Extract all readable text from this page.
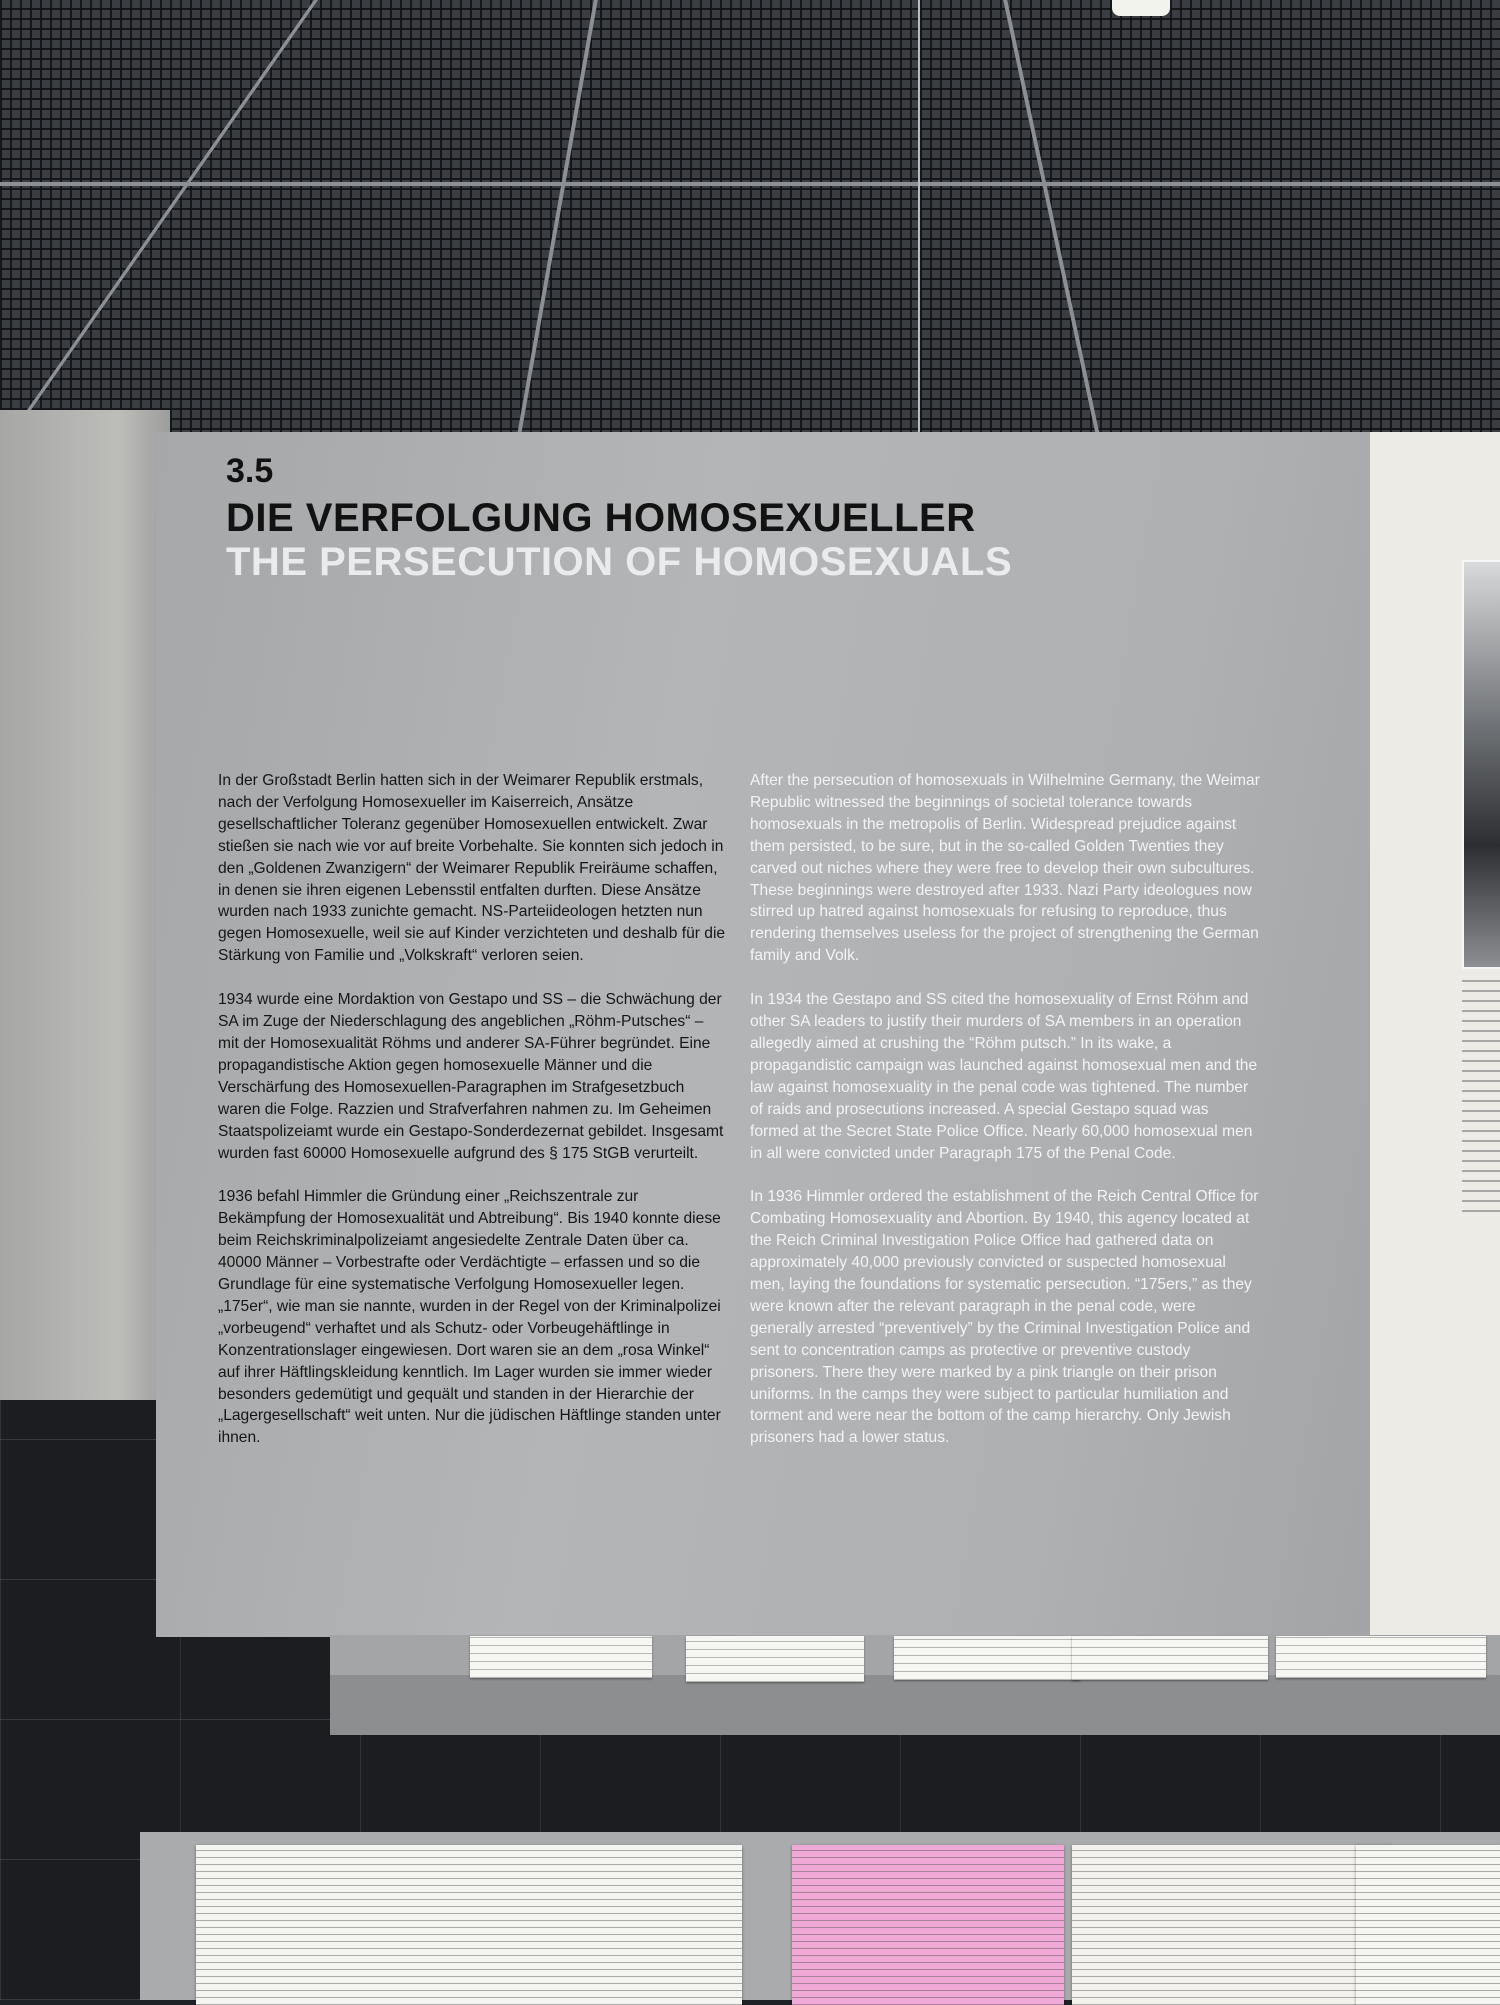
3.5
DIE VERFOLGUNG HOMOSEXUELLER
THE PERSECUTION OF HOMOSEXUALS

In der Großstadt Berlin hatten sich in der Weimarer Republik erstmals, nach der Verfolgung Homosexueller im Kaiserreich, Ansätze gesellschaftlicher Toleranz gegenüber Homosexuellen entwickelt. Zwar stießen sie nach wie vor auf breite Vorbehalte. Sie konnten sich jedoch in den „Goldenen Zwanzigern“ der Weimarer Republik Freiräume schaffen, in denen sie ihren eigenen Lebensstil entfalten durften. Diese Ansätze wurden nach 1933 zunichte gemacht. NS-Parteiideologen hetzten nun gegen Homosexuelle, weil sie auf Kinder verzichteten und deshalb für die Stärkung von Familie und „Volkskraft“ verloren seien.

1934 wurde eine Mordaktion von Gestapo und SS – die Schwächung der SA im Zuge der Niederschlagung des angeblichen „Röhm-Putsches“ – mit der Homosexualität Röhms und anderer SA-Führer begründet. Eine propagandistische Aktion gegen homosexuelle Männer und die Verschärfung des Homosexuellen-Paragraphen im Strafgesetzbuch waren die Folge. Razzien und Strafverfahren nahmen zu. Im Geheimen Staatspolizeiamt wurde ein Gestapo-Sonderdezernat gebildet. Insgesamt wurden fast 60000 Homosexuelle aufgrund des § 175 StGB verurteilt.

1936 befahl Himmler die Gründung einer „Reichszentrale zur Bekämpfung der Homosexualität und Abtreibung“. Bis 1940 konnte diese beim Reichskriminalpolizeiamt angesiedelte Zentrale Daten über ca. 40000 Männer – Vorbestrafte oder Verdächtigte – erfassen und so die Grundlage für eine systematische Verfolgung Homosexueller legen. „175er“, wie man sie nannte, wurden in der Regel von der Kriminalpolizei „vorbeugend“ verhaftet und als Schutz- oder Vorbeugehäftlinge in Konzentrationslager eingewiesen. Dort waren sie an dem „rosa Winkel“ auf ihrer Häftlingskleidung kenntlich. Im Lager wurden sie immer wieder besonders gedemütigt und gequält und standen in der Hierarchie der „Lagergesellschaft“ weit unten. Nur die jüdischen Häftlinge standen unter ihnen.

After the persecution of homosexuals in Wilhelmine Germany, the Weimar Republic witnessed the beginnings of societal tolerance towards homosexuals in the metropolis of Berlin. Widespread prejudice against them persisted, to be sure, but in the so-called Golden Twenties they carved out niches where they were free to develop their own subcultures. These beginnings were destroyed after 1933. Nazi Party ideologues now stirred up hatred against homosexuals for refusing to reproduce, thus rendering themselves useless for the project of strengthening the German family and Volk.

In 1934 the Gestapo and SS cited the homosexuality of Ernst Röhm and other SA leaders to justify their murders of SA members in an operation allegedly aimed at crushing the “Röhm putsch.” In its wake, a propagandistic campaign was launched against homosexual men and the law against homosexuality in the penal code was tightened. The number of raids and prosecutions increased. A special Gestapo squad was formed at the Secret State Police Office. Nearly 60,000 homosexual men in all were convicted under Paragraph 175 of the Penal Code.

In 1936 Himmler ordered the establishment of the Reich Central Office for Combating Homosexuality and Abortion. By 1940, this agency located at the Reich Criminal Investigation Police Office had gathered data on approximately 40,000 previously convicted or suspected homosexual men, laying the foundations for systematic persecution. “175ers,” as they were known after the relevant paragraph in the penal code, were generally arrested “preventively” by the Criminal Investigation Police and sent to concentration camps as protective or preventive custody prisoners. There they were marked by a pink triangle on their prison uniforms. In the camps they were subject to particular humiliation and torment and were near the bottom of the camp hierarchy. Only Jewish prisoners had a lower status.
